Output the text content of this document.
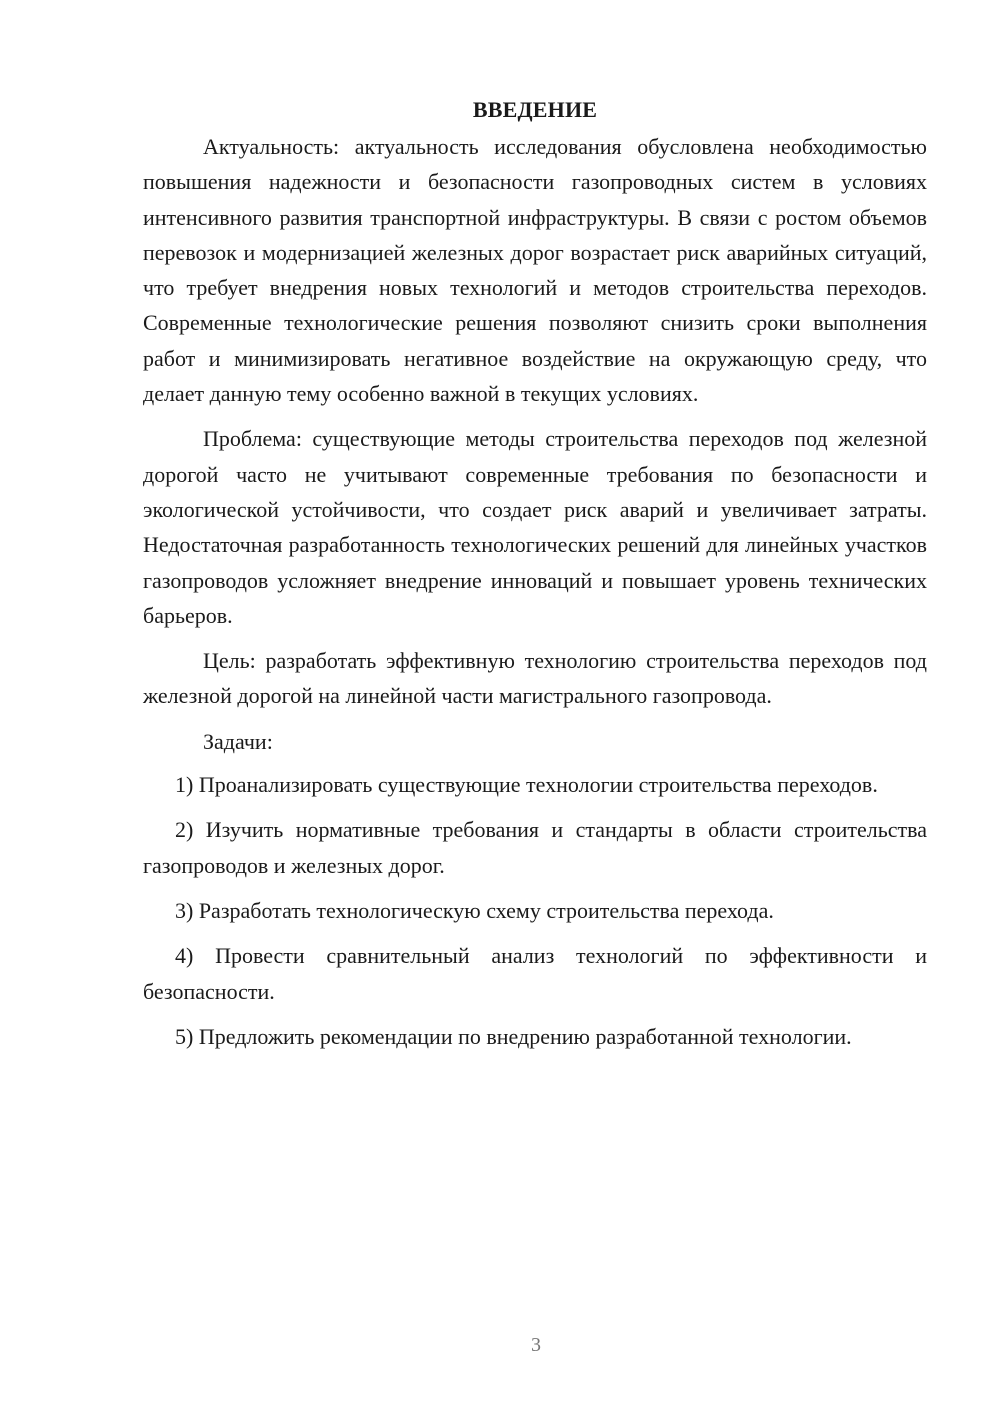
ВВЕДЕНИЕ

Актуальность: актуальность исследования обусловлена необходимостью повышения надежности и безопасности газопроводных систем в условиях интенсивного развития транспортной инфраструктуры. В связи с ростом объемов перевозок и модернизацией железных дорог возрастает риск аварийных ситуаций, что требует внедрения новых технологий и методов строительства переходов. Современные технологические решения позволяют снизить сроки выполнения работ и минимизировать негативное воздействие на окружающую среду, что делает данную тему особенно важной в текущих условиях.

Проблема: существующие методы строительства переходов под железной дорогой часто не учитывают современные требования по безопасности и экологической устойчивости, что создает риск аварий и увеличивает затраты. Недостаточная разработанность технологических решений для линейных участков газопроводов усложняет внедрение инноваций и повышает уровень технических барьеров.

Цель: разработать эффективную технологию строительства переходов под железной дорогой на линейной части магистрального газопровода.

Задачи:

1) Проанализировать существующие технологии строительства переходов.

2) Изучить нормативные требования и стандарты в области строительства газопроводов и железных дорог.

3) Разработать технологическую схему строительства перехода.

4) Провести сравнительный анализ технологий по эффективности и безопасности.

5) Предложить рекомендации по внедрению разработанной технологии.

3
